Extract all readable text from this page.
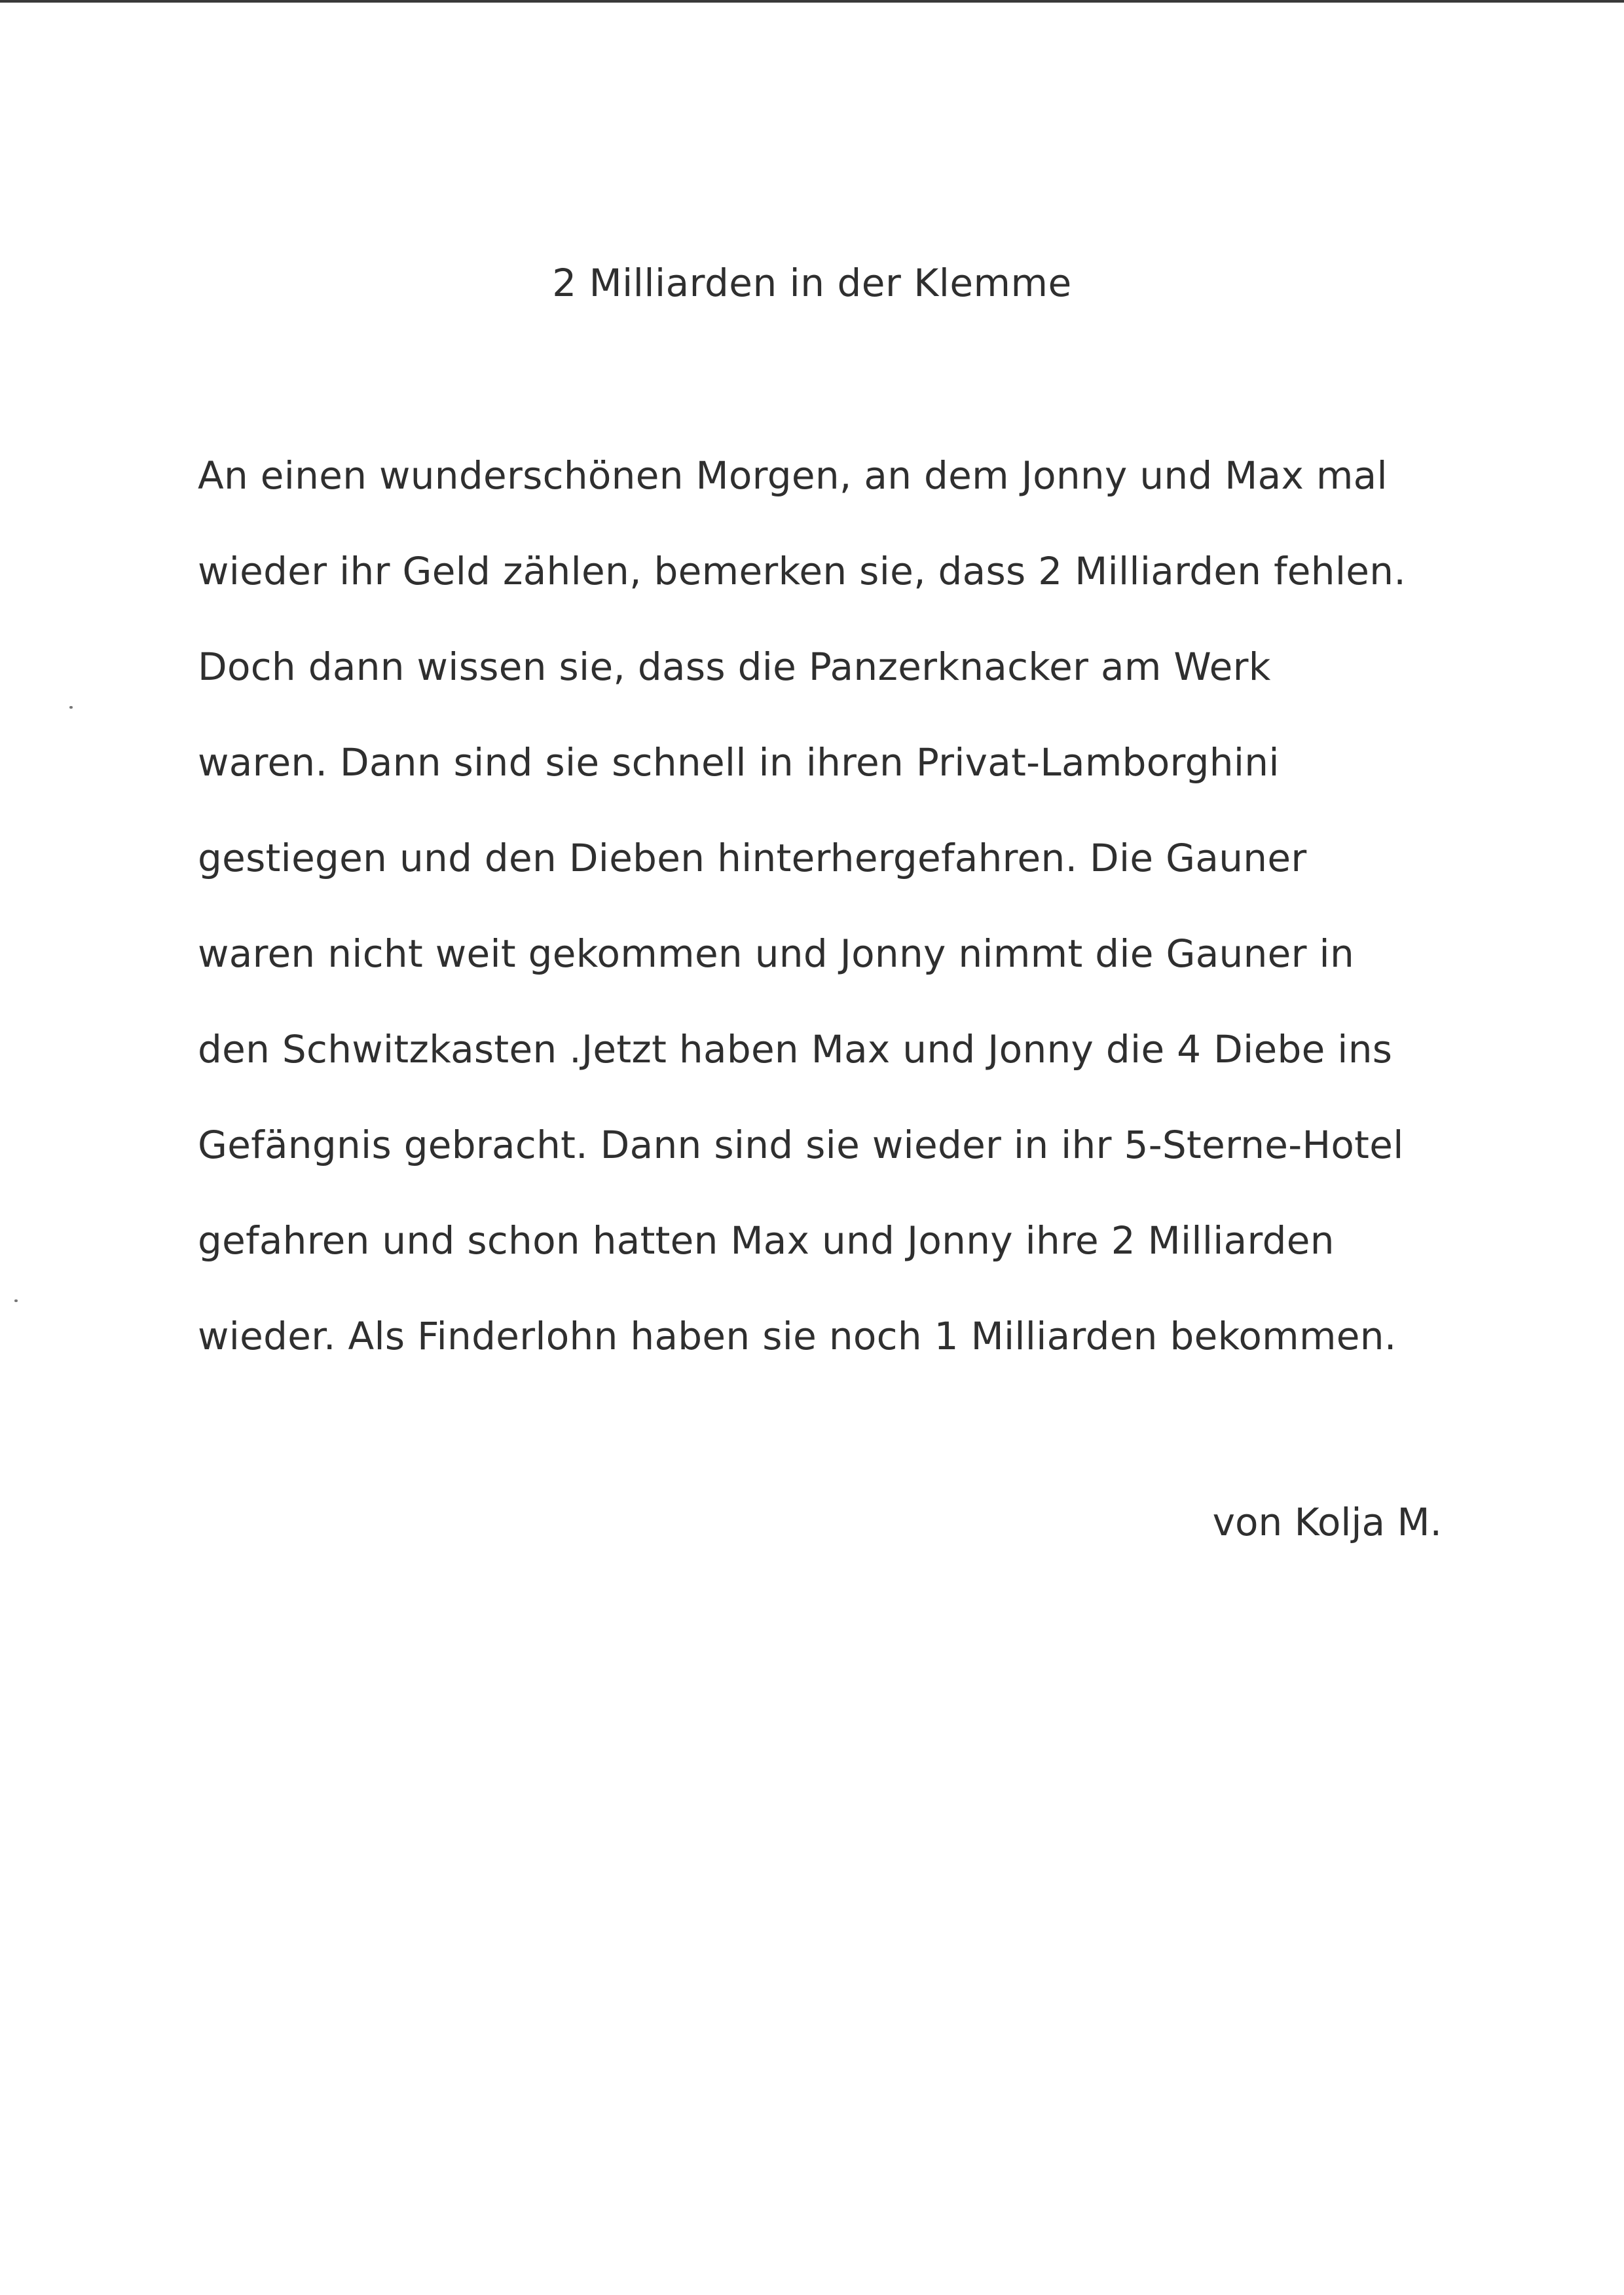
2 Milliarden in der Klemme
An einen wunderschönen Morgen, an dem Jonny und Max mal
wieder ihr Geld zählen, bemerken sie, dass 2 Milliarden fehlen.
Doch dann wissen sie, dass die Panzerknacker am Werk
waren. Dann sind sie schnell in ihren Privat-Lamborghini
gestiegen und den Dieben hinterhergefahren. Die Gauner
waren nicht weit gekommen und Jonny nimmt die Gauner in
den Schwitzkasten .Jetzt haben Max und Jonny die 4 Diebe ins
Gefängnis gebracht. Dann sind sie wieder in ihr 5-Sterne-Hotel
gefahren und schon hatten Max und Jonny ihre 2 Milliarden
wieder. Als Finderlohn haben sie noch 1 Milliarden bekommen.
von Kolja M.
